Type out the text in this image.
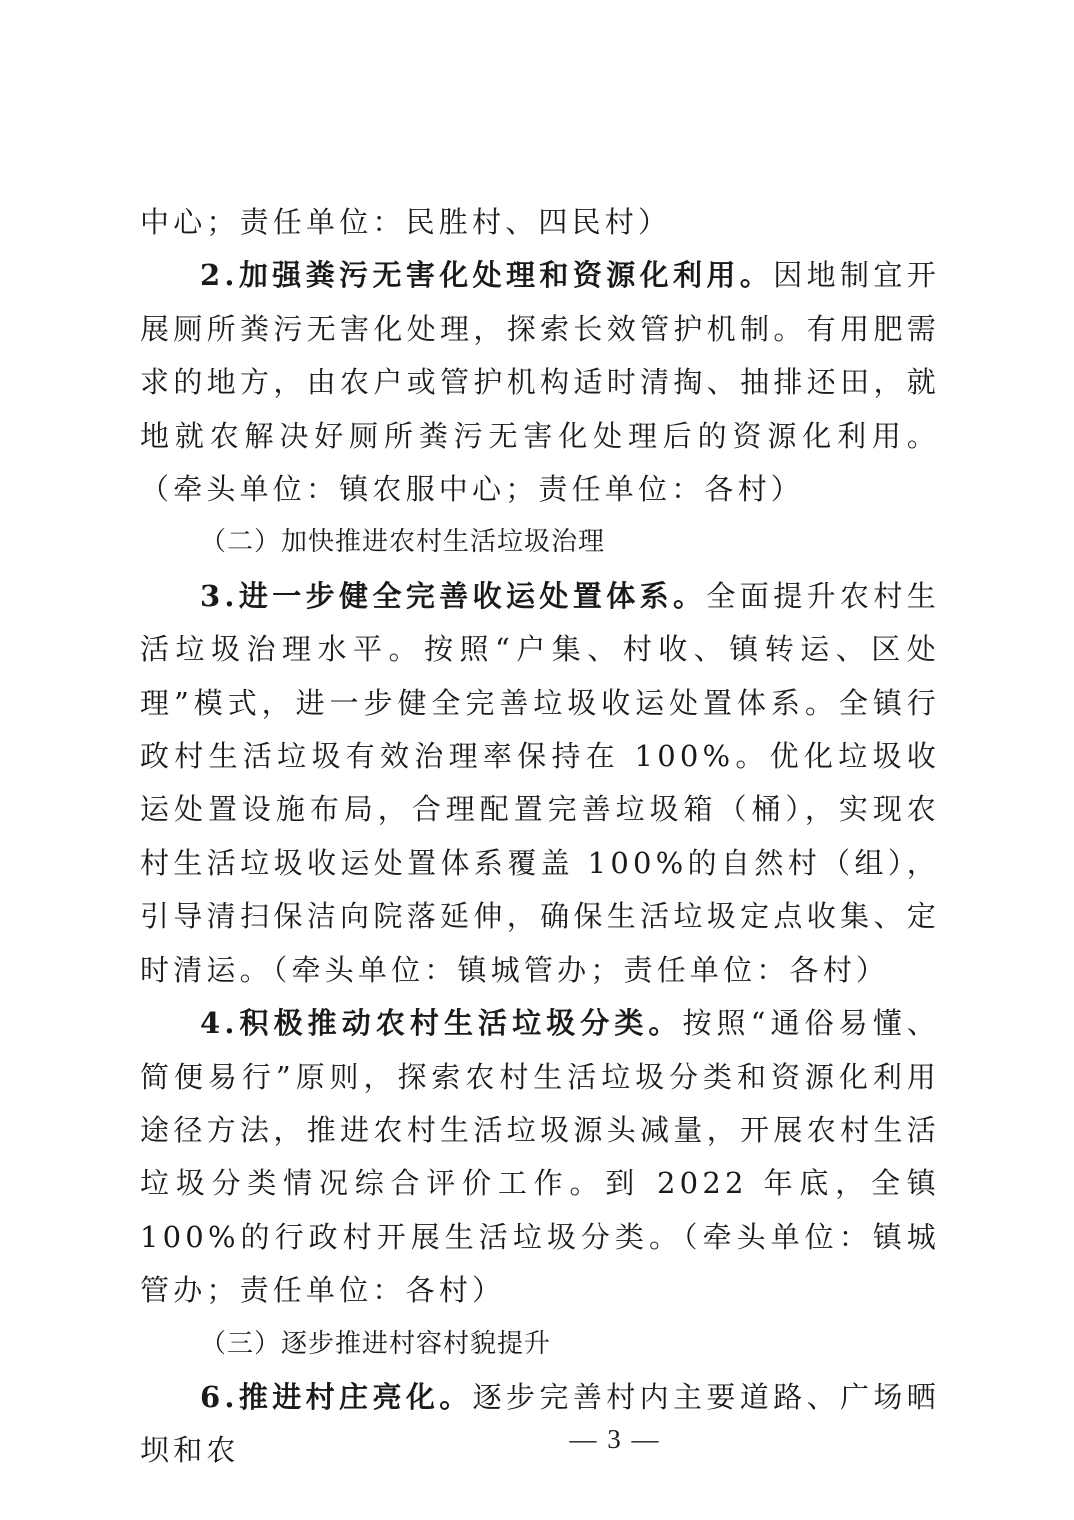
中心；责任单位：民胜村、四民村）

2.加强粪污无害化处理和资源化利用。因地制宜开展厕所粪污无害化处理，探索长效管护机制。有用肥需求的地方，由农户或管护机构适时清掏、抽排还田，就地就农解决好厕所粪污无害化处理后的资源化利用。（牵头单位：镇农服中心；责任单位：各村）

（二）加快推进农村生活垃圾治理

3.进一步健全完善收运处置体系。全面提升农村生活垃圾治理水平。按照“户集、村收、镇转运、区处理”模式，进一步健全完善垃圾收运处置体系。全镇行政村生活垃圾有效治理率保持在 100%。优化垃圾收运处置设施布局，合理配置完善垃圾箱（桶），实现农村生活垃圾收运处置体系覆盖 100%的自然村（组），引导清扫保洁向院落延伸，确保生活垃圾定点收集、定时清运。（牵头单位：镇城管办；责任单位：各村）

4.积极推动农村生活垃圾分类。按照“通俗易懂、简便易行”原则，探索农村生活垃圾分类和资源化利用途径方法，推进农村生活垃圾源头减量，开展农村生活垃圾分类情况综合评价工作。到 2022 年底，全镇 100%的行政村开展生活垃圾分类。（牵头单位：镇城管办；责任单位：各村）

（三）逐步推进村容村貌提升

6.推进村庄亮化。逐步完善村内主要道路、广场晒坝和农	— 3 —
